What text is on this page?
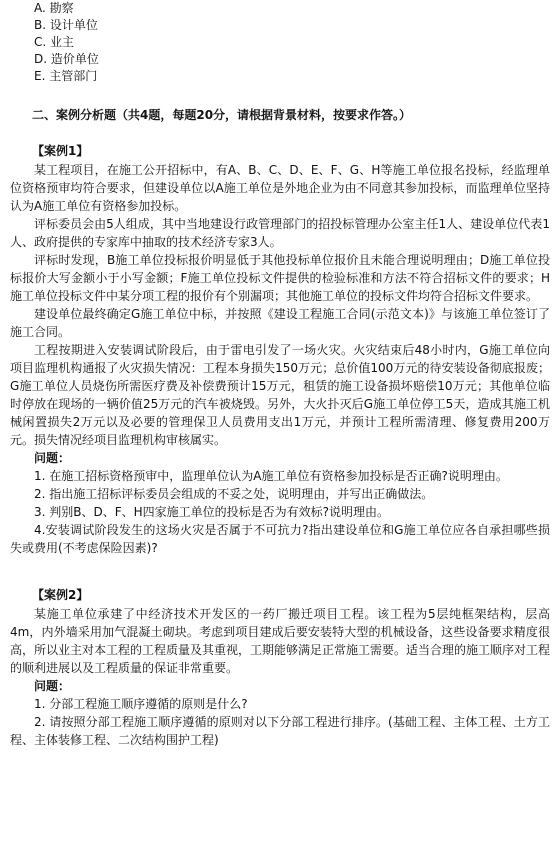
A. 勘察

B. 设计单位

C. 业主

D. 造价单位

E. 主管部门

二、案例分析题（共4题，每题20分，请根据背景材料，按要求作答。）
【案例1】

某工程项目，在施工公开招标中，有A、B、C、D、E、F、G、H等施工单位报名投标，经监理单位资格预审均符合要求，但建设单位以A施工单位是外地企业为由不同意其参加投标，而监理单位坚持认为A施工单位有资格参加投标。

评标委员会由5人组成，其中当地建设行政管理部门的招投标管理办公室主任1人、建设单位代表1人、政府提供的专家库中抽取的技术经济专家3人。

评标时发现，B施工单位投标报价明显低于其他投标单位报价且未能合理说明理由；D施工单位投标报价大写金额小于小写金额；F施工单位投标文件提供的检验标准和方法不符合招标文件的要求；H施工单位投标文件中某分项工程的报价有个别漏项；其他施工单位的投标文件均符合招标文件要求。

建设单位最终确定G施工单位中标，并按照《建设工程施工合同(示范文本)》与该施工单位签订了施工合同。

工程按期进入安装调试阶段后，由于雷电引发了一场火灾。火灾结束后48小时内，G施工单位向项目监理机构通报了火灾损失情况：工程本身损失150万元；总价值100万元的待安装设备彻底报废；G施工单位人员烧伤所需医疗费及补偿费预计15万元，租赁的施工设备损坏赔偿10万元；其他单位临时停放在现场的一辆价值25万元的汽车被烧毁。另外，大火扑灭后G施工单位停工5天，造成其施工机械闲置损失2万元以及必要的管理保卫人员费用支出1万元，并预计工程所需清理、修复费用200万元。损失情况经项目监理机构审核属实。

问题：

1. 在施工招标资格预审中，监理单位认为A施工单位有资格参加投标是否正确?说明理由。

2. 指出施工招标评标委员会组成的不妥之处，说明理由，并写出正确做法。

3. 判别B、D、F、H四家施工单位的投标是否为有效标?说明理由。

4.安装调试阶段发生的这场火灾是否属于不可抗力?指出建设单位和G施工单位应各自承担哪些损失或费用(不考虑保险因素)?

【案例2】

某施工单位承建了中经济技术开发区的一药厂搬迁项目工程。该工程为5层纯框架结构，层高4m，内外墙采用加气混凝土砌块。考虑到项目建成后要安装特大型的机械设备，这些设备要求精度很高，所以业主对本工程的工程质量及其重视，工期能够满足正常施工需要。适当合理的施工顺序对工程的顺利进展以及工程质量的保证非常重要。

问题：

1. 分部工程施工顺序遵循的原则是什么?

2. 请按照分部工程施工顺序遵循的原则对以下分部工程进行排序。(基础工程、主体工程、土方工程、主体装修工程、二次结构围护工程)
